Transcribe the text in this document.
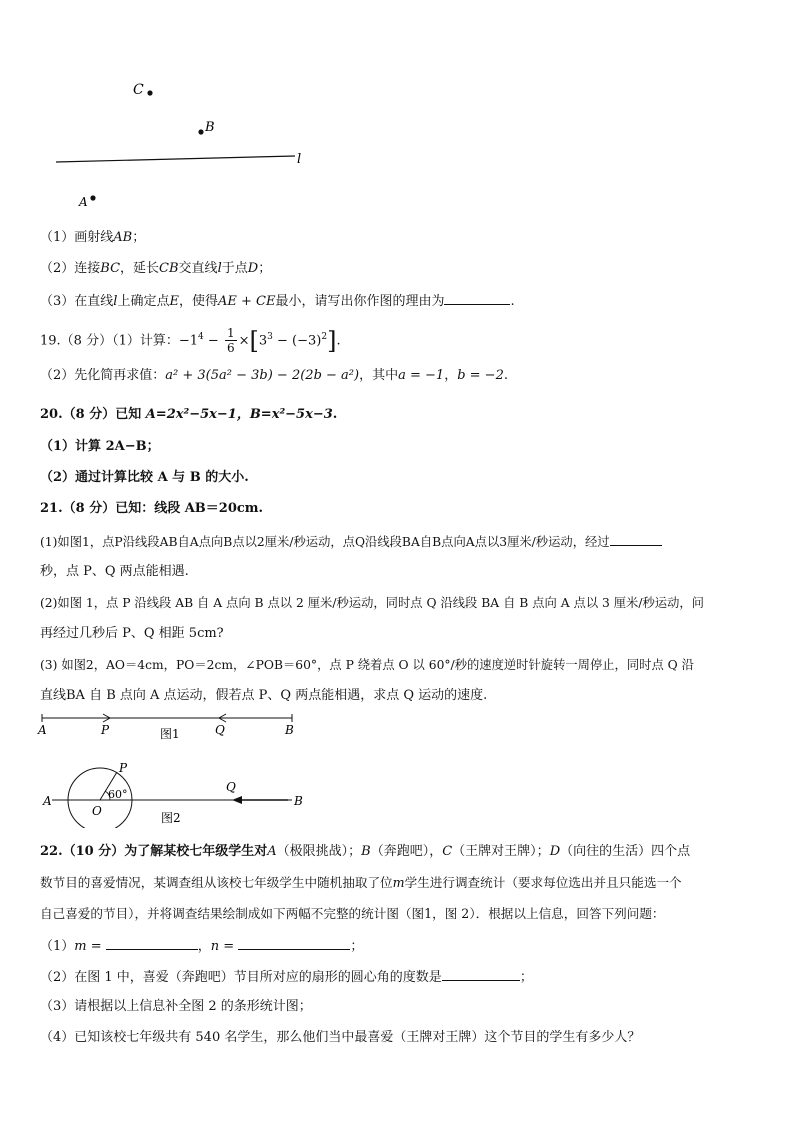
C
B
l
A
（1）画射线AB；
（2）连接BC，延长CB交直线l于点D；
（3）在直线l上确定点E，使得AE + CE最小，请写出你作图的理由为	.
19.（8 分）（1）计算：$-1^4 - \frac{1}{6} \times[3^3 - (-3)^2]$.
（2）先化简再求值：a² + 3(5a² − 3b) − 2(2b − a²)，其中a = −1，b = −2.
20.（8 分）已知 A=2x²−5x−1，B=x²−5x−3.
（1）计算 2A−B；
（2）通过计算比较 A 与 B 的大小.
21.（8 分）已知：线段 AB＝20cm.
(1)如图1，点P沿线段AB自A点向B点以2厘米/秒运动，点Q沿线段BA自B点向A点以3厘米/秒运动，经过
秒，点 P、Q 两点能相遇.
(2)如图 1，点 P 沿线段 AB 自 A 点向 B 点以 2 厘米/秒运动，同时点 Q 沿线段 BA 自 B 点向 A 点以 3 厘米/秒运动，问
再经过几秒后 P、Q 相距 5cm?
(3) 如图2，AO＝4cm，PO＝2cm，∠POB＝60°，点 P 绕着点 O 以 60°/秒的速度逆时针旋转一周停止，同时点 Q 沿
直线BA 自 B 点向 A 点运动，假若点 P、Q 两点能相遇，求点 Q 运动的速度.
A	P	图1	Q	B
A
P
60°
O
Q
B
图2
22.（10 分）为了解某校七年级学生对A（极限挑战）；B（奔跑吧），C（王牌对王牌）；D（向往的生活）四个点
数节目的喜爱情况，某调查组从该校七年级学生中随机抽取了位m学生进行调查统计（要求每位选出并且只能选一个
自己喜爱的节目），并将调查结果绘制成如下两幅不完整的统计图（图1，图 2）．根据以上信息，回答下列问题：
（1）m =	，n =	；
（2）在图 1 中，喜爱（奔跑吧）节目所对应的扇形的圆心角的度数是	；
（3）请根据以上信息补全图 2 的条形统计图；
（4）已知该校七年级共有 540 名学生，那么他们当中最喜爱（王牌对王牌）这个节目的学生有多少人？
